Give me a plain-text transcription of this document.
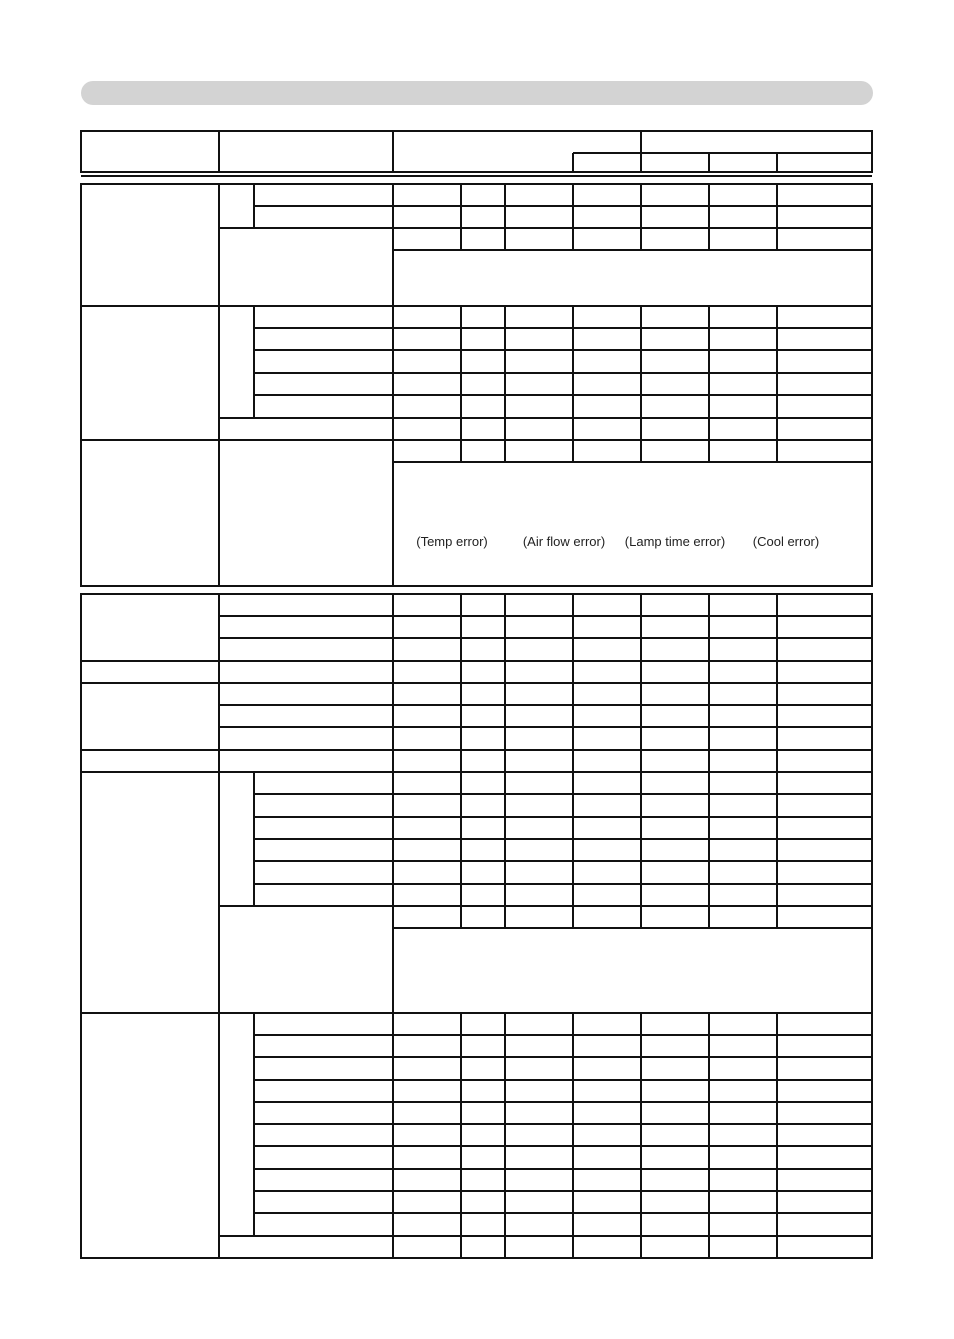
(Temp error)	(Air flow error) (Lamp time error) (Cool error)
